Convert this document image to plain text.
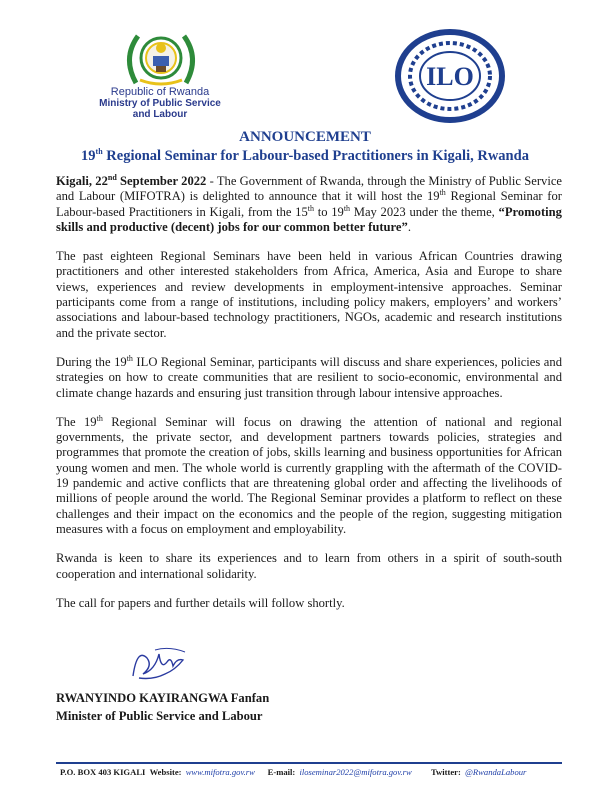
Republic of Rwanda
Ministry of Public Service
and Labour
ILO
ANNOUNCEMENT
19th Regional Seminar for Labour-based Practitioners in Kigali, Rwanda

Kigali, 22nd September 2022 - The Government of Rwanda, through the Ministry of Public Service and Labour (MIFOTRA) is delighted to announce that it will host the 19th Regional Seminar for Labour-based Practitioners in Kigali, from the 15th to 19th May 2023 under the theme, “Promoting skills and productive (decent) jobs for our common better future”.

The past eighteen Regional Seminars have been held in various African Countries drawing practitioners and other interested stakeholders from Africa, America, Asia and Europe to share views, experiences and review developments in employment-intensive approaches. Seminar participants come from a range of institutions, including policy makers, employers’ and workers’ associations and labour-based technology practitioners, NGOs, academic and research institutions and the private sector.

During the 19th ILO Regional Seminar, participants will discuss and share experiences, policies and strategies on how to create communities that are resilient to socio-economic, environmental and climate change hazards and ensuring just transition through labour intensive approaches.

The 19th Regional Seminar will focus on drawing the attention of national and regional governments, the private sector, and development partners towards policies, strategies and programmes that promote the creation of jobs, skills learning and business opportunities for African young women and men. The whole world is currently grappling with the aftermath of the COVID-19 pandemic and active conflicts that are threatening global order and affecting the livelihoods of millions of people around the world. The Regional Seminar provides a platform to reflect on these challenges and their impact on the economics and the people of the region, suggesting mitigation measures with a focus on employment and employability.

Rwanda is keen to share its experiences and to learn from others in a spirit of south-south cooperation and international solidarity.

The call for papers and further details will follow shortly.

RWANYINDO KAYIRANGWA Fanfan
Minister of Public Service and Labour
P.O. BOX 403 KIGALI Website: www.mifotra.gov.rw E-mail: iloseminar2022@mifotra.gov.rw Twitter: @RwandaLabour
